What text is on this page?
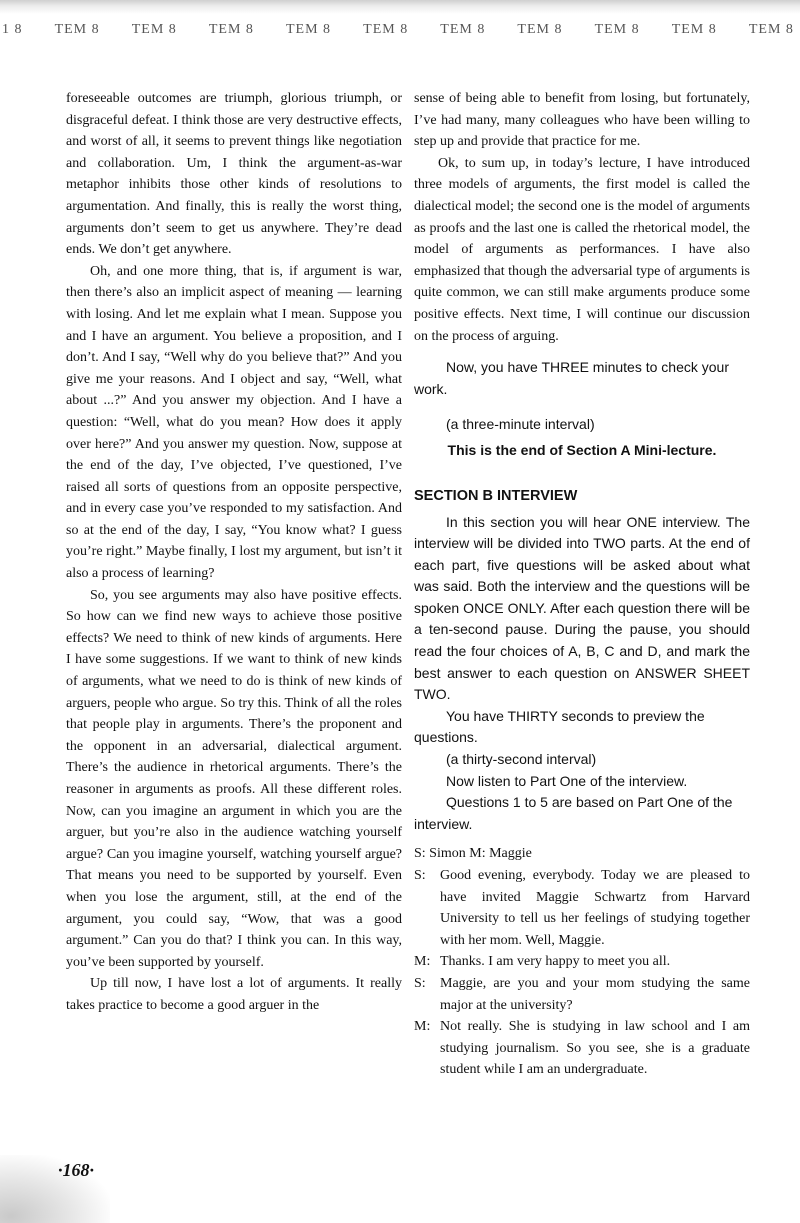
1 8 TEM 8 TEM 8 TEM 8 TEM 8 TEM 8 TEM 8 TEM 8 TEM 8 TEM 8 TEM 8

foreseeable outcomes are triumph, glorious triumph, or disgraceful defeat. I think those are very destructive effects, and worst of all, it seems to prevent things like negotiation and collaboration. Um, I think the argument-as-war metaphor inhibits those other kinds of resolutions to argumentation. And finally, this is really the worst thing, arguments don’t seem to get us anywhere. They’re dead ends. We don’t get anywhere.

Oh, and one more thing, that is, if argument is war, then there’s also an implicit aspect of meaning — learning with losing. And let me explain what I mean. Suppose you and I have an argument. You believe a proposition, and I don’t. And I say, “Well why do you believe that?” And you give me your reasons. And I object and say, “Well, what about ...?” And you answer my objection. And I have a question: “Well, what do you mean? How does it apply over here?” And you answer my question. Now, suppose at the end of the day, I’ve objected, I’ve questioned, I’ve raised all sorts of questions from an opposite perspective, and in every case you’ve responded to my satisfaction. And so at the end of the day, I say, “You know what? I guess you’re right.” Maybe finally, I lost my argument, but isn’t it also a process of learning?

So, you see arguments may also have positive effects. So how can we find new ways to achieve those positive effects? We need to think of new kinds of arguments. Here I have some suggestions. If we want to think of new kinds of arguments, what we need to do is think of new kinds of arguers, people who argue. So try this. Think of all the roles that people play in arguments. There’s the proponent and the opponent in an adversarial, dialectical argument. There’s the audience in rhetorical arguments. There’s the reasoner in arguments as proofs. All these different roles. Now, can you imagine an argument in which you are the arguer, but you’re also in the audience watching yourself argue? Can you imagine yourself, watching yourself argue? That means you need to be supported by yourself. Even when you lose the argument, still, at the end of the argument, you could say, “Wow, that was a good argument.” Can you do that? I think you can. In this way, you’ve been supported by yourself.

Up till now, I have lost a lot of arguments. It really takes practice to become a good arguer in the

sense of being able to benefit from losing, but fortunately, I’ve had many, many colleagues who have been willing to step up and provide that practice for me.

Ok, to sum up, in today’s lecture, I have introduced three models of arguments, the first model is called the dialectical model; the second one is the model of arguments as proofs and the last one is called the rhetorical model, the model of arguments as performances. I have also emphasized that though the adversarial type of arguments is quite common, we can still make arguments produce some positive effects. Next time, I will continue our discussion on the process of arguing.

Now, you have THREE minutes to check your work.

(a three-minute interval)

This is the end of Section A Mini-lecture.

SECTION B INTERVIEW

In this section you will hear ONE interview. The interview will be divided into TWO parts. At the end of each part, five questions will be asked about what was said. Both the interview and the questions will be spoken ONCE ONLY. After each question there will be a ten-second pause. During the pause, you should read the four choices of A, B, C and D, and mark the best answer to each question on ANSWER SHEET TWO.

You have THIRTY seconds to preview the questions.

(a thirty-second interval)

Now listen to Part One of the interview.

Questions 1 to 5 are based on Part One of the interview.

S: Simon M: Maggie

S:	Good evening, everybody. Today we are pleased to have invited Maggie Schwartz from Harvard University to tell us her feelings of studying together with her mom. Well, Maggie.
M: Thanks. I am very happy to meet you all.
S:	Maggie, are you and your mom studying the same major at the university?
M: Not really. She is studying in law school and I am studying journalism. So you see, she is a graduate student while I am an undergraduate.
·168·
